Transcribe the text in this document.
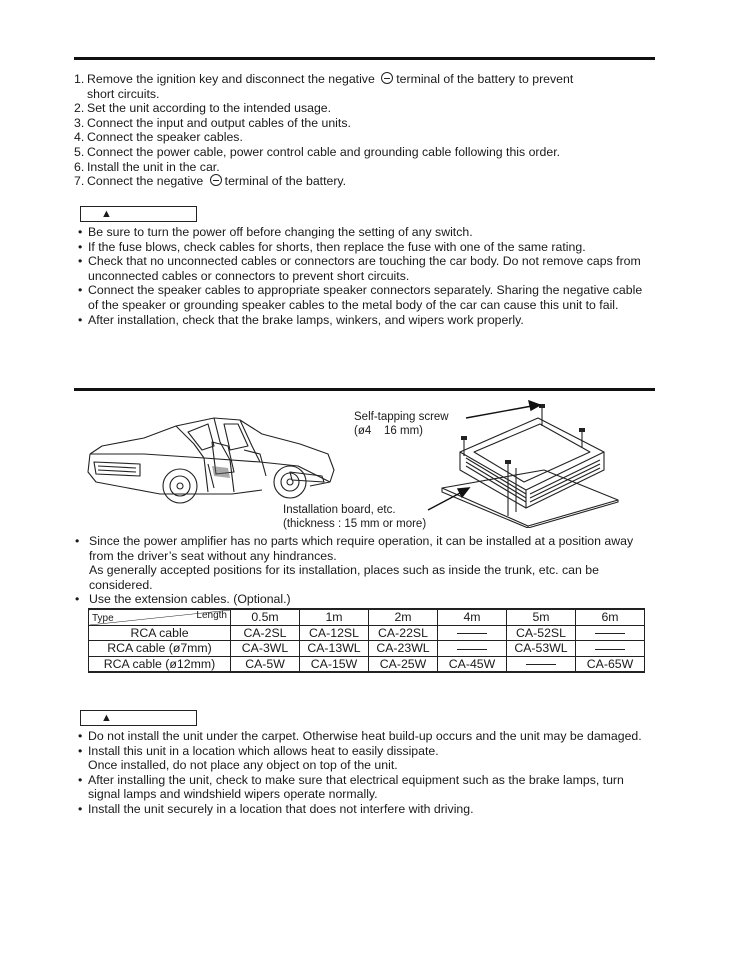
1. Remove the ignition key and disconnect the negative terminal of the battery to prevent
short circuits.
2. Set the unit according to the intended usage.
3. Connect the input and output cables of the units.
4. Connect the speaker cables.
5. Connect the power cable, power control cable and grounding cable following this order.
6. Install the unit in the car.
7. Connect the negative terminal of the battery.
▲
• Be sure to turn the power off before changing the setting of any switch.
• If the fuse blows, check cables for shorts, then replace the fuse with one of the same rating.
• Check that no unconnected cables or connectors are touching the car body. Do not remove caps from unconnected cables or connectors to prevent short circuits.
• Connect the speaker cables to appropriate speaker connectors separately. Sharing the negative cable of the speaker or grounding speaker cables to the metal body of the car can cause this unit to fail.
• After installation, check that the brake lamps, winkers, and wipers work properly.
Self-tapping screw
(ø4    16 mm)
Installation board, etc.
(thickness : 15 mm or more)
• Since the power amplifier has no parts which require operation, it can be installed at a position away from the driver’s seat without any hindrances.
As generally accepted positions for its installation, places such as inside the trunk, etc. can be considered.
• Use the extension cables. (Optional.)
Length
Type	0.5m	1m	2m	4m	5m	6m
RCA cable	CA-2SL	CA-12SL	CA-22SL		CA-52SL	
RCA cable (ø7mm)	CA-3WL	CA-13WL	CA-23WL		CA-53WL	
RCA cable (ø12mm)	CA-5W	CA-15W	CA-25W	CA-45W		CA-65W
▲
• Do not install the unit under the carpet. Otherwise heat build-up occurs and the unit may be damaged.
• Install this unit in a location which allows heat to easily dissipate.
Once installed, do not place any object on top of the unit.
• After installing the unit, check to make sure that electrical equipment such as the brake lamps, turn signal lamps and windshield wipers operate normally.
• Install the unit securely in a location that does not interfere with driving.
